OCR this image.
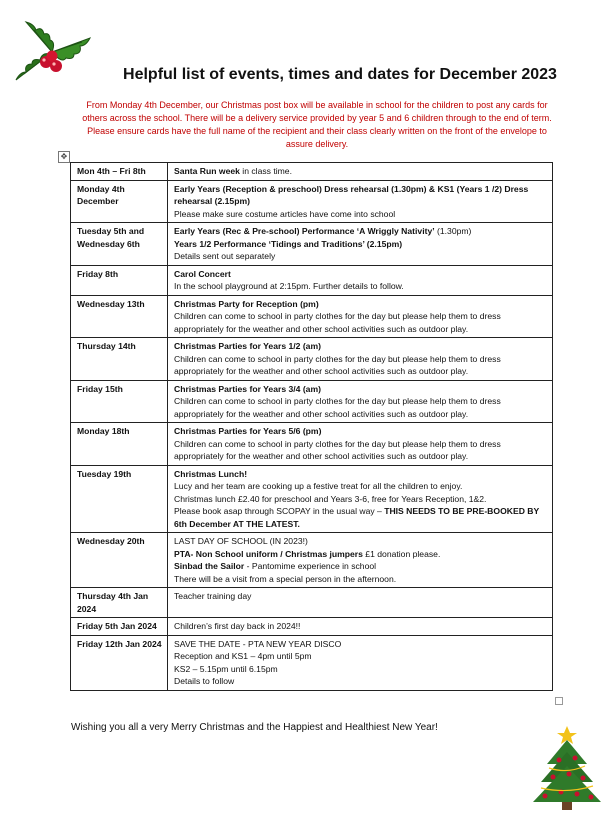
Helpful list of events, times and dates for December 2023
From Monday 4th December, our Christmas post box will be available in school for the children to post any cards for others across the school. There will be a delivery service provided by year 5 and 6 children through to the end of term. Please ensure cards have the full name of the recipient and their class clearly written on the front of the envelope to assure delivery.
✥
Mon 4th – Fri 8th	Santa Run week in class time.

Monday 4th December	Early Years (Reception & preschool) Dress rehearsal (1.30pm) & KS1 (Years 1 /2) Dress rehearsal (2.15pm)
Please make sure costume articles have come into school

Tuesday 5th and Wednesday 6th	Early Years (Rec & Pre-school) Performance ‘A Wriggly Nativity’ (1.30pm)
Years 1/2 Performance ‘Tidings and Traditions’ (2.15pm)
Details sent out separately

Friday 8th	Carol Concert
In the school playground at 2:15pm. Further details to follow.

Wednesday 13th	Christmas Party for Reception (pm)
Children can come to school in party clothes for the day but please help them to dress appropriately for the weather and other school activities such as outdoor play.

Thursday 14th	Christmas Parties for Years 1/2 (am)
Children can come to school in party clothes for the day but please help them to dress appropriately for the weather and other school activities such as outdoor play.

Friday 15th	Christmas Parties for Years 3/4 (am)
Children can come to school in party clothes for the day but please help them to dress appropriately for the weather and other school activities such as outdoor play.

Monday 18th	Christmas Parties for Years 5/6 (pm)
Children can come to school in party clothes for the day but please help them to dress appropriately for the weather and other school activities such as outdoor play.

Tuesday 19th	Christmas Lunch!
Lucy and her team are cooking up a festive treat for all the children to enjoy.
Christmas lunch £2.40 for preschool and Years 3-6, free for Years Reception, 1&2.
Please book asap through SCOPAY in the usual way – THIS NEEDS TO BE PRE-BOOKED BY 6th December AT THE LATEST.

Wednesday 20th	LAST DAY OF SCHOOL (IN 2023!)
PTA- Non School uniform / Christmas jumpers £1 donation please.
Sinbad the Sailor - Pantomime experience in school
There will be a visit from a special person in the afternoon.

Thursday 4th Jan 2024	Teacher training day

Friday 5th Jan 2024	Children’s first day back in 2024!!

Friday 12th Jan 2024	SAVE THE DATE - PTA NEW YEAR DISCO
Reception and KS1 – 4pm until 5pm
KS2 – 5.15pm until 6.15pm
Details to follow
Wishing you all a very Merry Christmas and the Happiest and Healthiest New Year!
